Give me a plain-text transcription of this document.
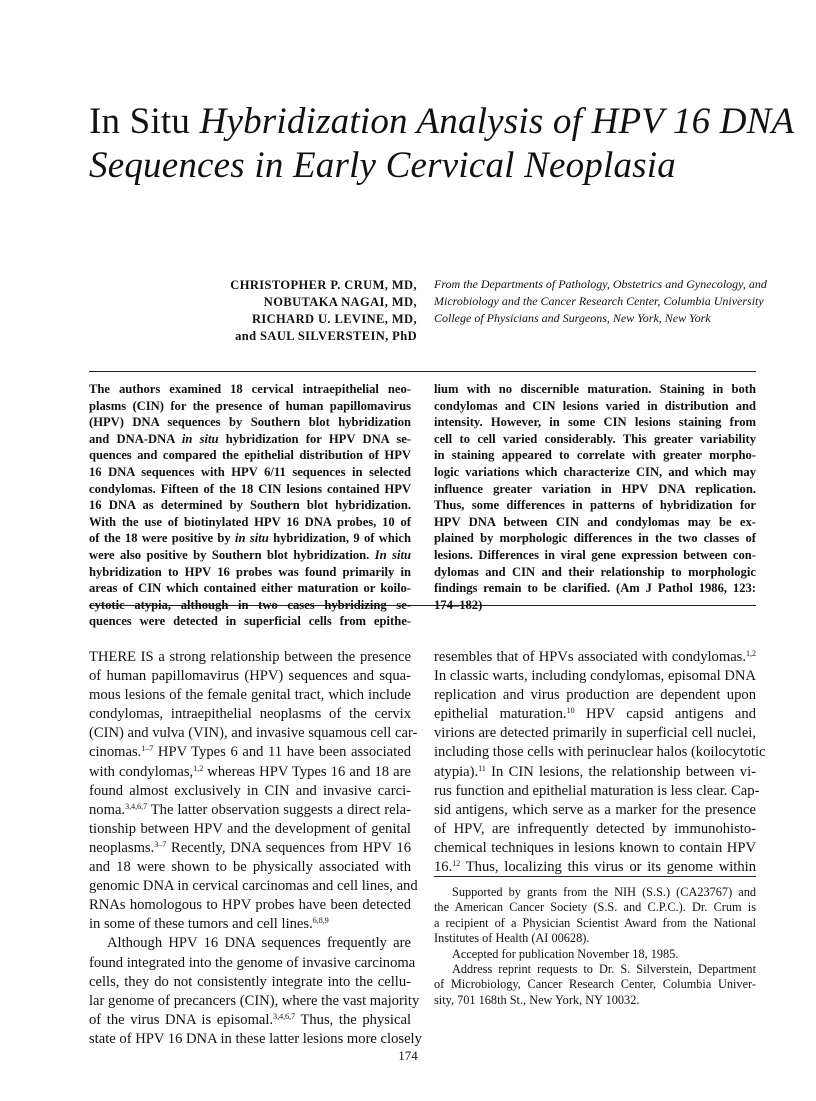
In Situ Hybridization Analysis of HPV 16 DNA
Sequences in Early Cervical Neoplasia
CHRISTOPHER P. CRUM, MD,
NOBUTAKA NAGAI, MD,
RICHARD U. LEVINE, MD,
and SAUL SILVERSTEIN, PhD
From the Departments of Pathology, Obstetrics and Gynecology, and
Microbiology and the Cancer Research Center, Columbia University
College of Physicians and Surgeons, New York, New York
The authors examined 18 cervical intraepithelial neo-
plasms (CIN) for the presence of human papillomavirus
(HPV) DNA sequences by Southern blot hybridization
and DNA-DNA in situ hybridization for HPV DNA se-
quences and compared the epithelial distribution of HPV
16 DNA sequences with HPV 6/11 sequences in selected
condylomas. Fifteen of the 18 CIN lesions contained HPV
16 DNA as determined by Southern blot hybridization.
With the use of biotinylated HPV 16 DNA probes, 10 of
of the 18 were positive by in situ hybridization, 9 of which
were also positive by Southern blot hybridization. In situ
hybridization to HPV 16 probes was found primarily in
areas of CIN which contained either maturation or koilo-
cytotic atypia, although in two cases hybridizing se-
quences were detected in superficial cells from epithe-
lium with no discernible maturation. Staining in both
condylomas and CIN lesions varied in distribution and
intensity. However, in some CIN lesions staining from
cell to cell varied considerably. This greater variability
in staining appeared to correlate with greater morpho-
logic variations which characterize CIN, and which may
influence greater variation in HPV DNA replication.
Thus, some differences in patterns of hybridization for
HPV DNA between CIN and condylomas may be ex-
plained by morphologic differences in the two classes of
lesions. Differences in viral gene expression between con-
dylomas and CIN and their relationship to morphologic
findings remain to be clarified. (Am J Pathol 1986, 123:
174–182)
THERE IS a strong relationship between the presence
of human papillomavirus (HPV) sequences and squa-
mous lesions of the female genital tract, which include
condylomas, intraepithelial neoplasms of the cervix
(CIN) and vulva (VIN), and invasive squamous cell car-
cinomas.$^{1-7}$ HPV Types 6 and 11 have been associated
with condylomas,$^{1,2}$ whereas HPV Types 16 and 18 are
found almost exclusively in CIN and invasive carci-
noma.$^{3,4,6,7}$ The latter observation suggests a direct rela-
tionship between HPV and the development of genital
neoplasms.$^{3-7}$ Recently, DNA sequences from HPV 16
and 18 were shown to be physically associated with
genomic DNA in cervical carcinomas and cell lines, and
RNAs homologous to HPV probes have been detected
in some of these tumors and cell lines.$^{6,8,9}$
Although HPV 16 DNA sequences frequently are
found integrated into the genome of invasive carcinoma
cells, they do not consistently integrate into the cellu-
lar genome of precancers (CIN), where the vast majority
of the virus DNA is episomal.$^{3,4,6,7}$ Thus, the physical
state of HPV 16 DNA in these latter lesions more closely
resembles that of HPVs associated with condylomas.$^{1,2}$
In classic warts, including condylomas, episomal DNA
replication and virus production are dependent upon
epithelial maturation.$^{10}$ HPV capsid antigens and
virions are detected primarily in superficial cell nuclei,
including those cells with perinuclear halos (koilocytotic
atypia).$^{11}$ In CIN lesions, the relationship between vi-
rus function and epithelial maturation is less clear. Cap-
sid antigens, which serve as a marker for the presence
of HPV, are infrequently detected by immunohisto-
chemical techniques in lesions known to contain HPV
16.12 Thus, localizing this virus or its genome within
Supported by grants from the NIH (S.S.) (CA23767) and
the American Cancer Society (S.S. and C.P.C.). Dr. Crum is
a recipient of a Physician Scientist Award from the National
Institutes of Health (AI 00628).
Accepted for publication November 18, 1985.
Address reprint requests to Dr. S. Silverstein, Department
of Microbiology, Cancer Research Center, Columbia Univer-
sity, 701 168th St., New York, NY 10032.
174
